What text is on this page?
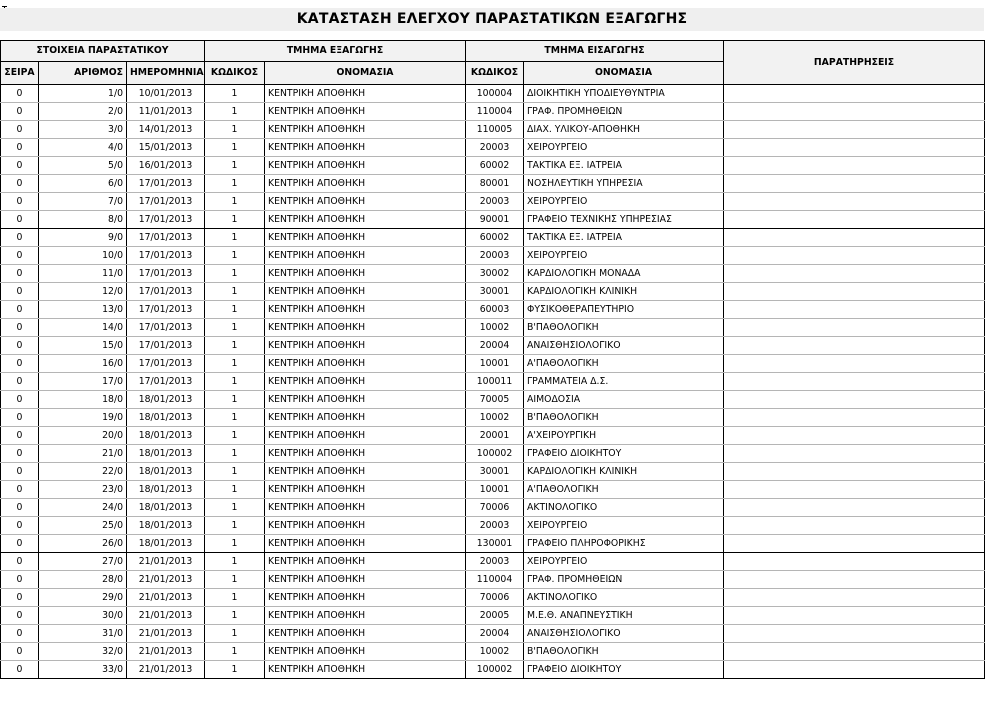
ΚΑΤΑΣΤΑΣΗ ΕΛΕΓΧΟΥ ΠΑΡΑΣΤΑΤΙΚΩΝ ΕΞΑΓΩΓΗΣ
ΣΤΟΙΧΕΙΑ ΠΑΡΑΣΤΑΤΙΚΟΥ			ΤΜΗΜΑ ΕΞΑΓΩΓΗΣ		ΤΜΗΜΑ ΕΙΣΑΓΩΓΗΣ		ΠΑΡΑΤΗΡΗΣΕΙΣ
ΣΕΙΡΑ	ΑΡΙΘΜΟΣ	ΗΜΕΡΟΜΗΝΙΑ	ΚΩΔΙΚΟΣ	ΟΝΟΜΑΣΙΑ	ΚΩΔΙΚΟΣ	ΟΝΟΜΑΣΙΑ	
0	1/0	10/01/2013	1	ΚΕΝΤΡΙΚΗ ΑΠΟΘΗΚΗ	100004	ΔΙΟΙΚΗΤΙΚΗ ΥΠΟΔΙΕΥΘΥΝΤΡΙΑ	
0	2/0	11/01/2013	1	ΚΕΝΤΡΙΚΗ ΑΠΟΘΗΚΗ	110004	ΓΡΑΦ. ΠΡΟΜΗΘΕΙΩΝ	
0	3/0	14/01/2013	1	ΚΕΝΤΡΙΚΗ ΑΠΟΘΗΚΗ	110005	ΔΙΑΧ. ΥΛΙΚΟΥ-ΑΠΟΘΗΚΗ	
0	4/0	15/01/2013	1	ΚΕΝΤΡΙΚΗ ΑΠΟΘΗΚΗ	20003	ΧΕΙΡΟΥΡΓΕΙΟ	
0	5/0	16/01/2013	1	ΚΕΝΤΡΙΚΗ ΑΠΟΘΗΚΗ	60002	ΤΑΚΤΙΚΑ ΕΞ. ΙΑΤΡΕΙΑ	
0	6/0	17/01/2013	1	ΚΕΝΤΡΙΚΗ ΑΠΟΘΗΚΗ	80001	ΝΟΣΗΛΕΥΤΙΚΗ ΥΠΗΡΕΣΙΑ	
0	7/0	17/01/2013	1	ΚΕΝΤΡΙΚΗ ΑΠΟΘΗΚΗ	20003	ΧΕΙΡΟΥΡΓΕΙΟ	
0	8/0	17/01/2013	1	ΚΕΝΤΡΙΚΗ ΑΠΟΘΗΚΗ	90001	ΓΡΑΦΕΙΟ ΤΕΧΝΙΚΗΣ ΥΠΗΡΕΣΙΑΣ	
0	9/0	17/01/2013	1	ΚΕΝΤΡΙΚΗ ΑΠΟΘΗΚΗ	60002	ΤΑΚΤΙΚΑ ΕΞ. ΙΑΤΡΕΙΑ	
0	10/0	17/01/2013	1	ΚΕΝΤΡΙΚΗ ΑΠΟΘΗΚΗ	20003	ΧΕΙΡΟΥΡΓΕΙΟ	
0	11/0	17/01/2013	1	ΚΕΝΤΡΙΚΗ ΑΠΟΘΗΚΗ	30002	ΚΑΡΔΙΟΛΟΓΙΚΗ ΜΟΝΑΔΑ	
0	12/0	17/01/2013	1	ΚΕΝΤΡΙΚΗ ΑΠΟΘΗΚΗ	30001	ΚΑΡΔΙΟΛΟΓΙΚΗ ΚΛΙΝΙΚΗ	
0	13/0	17/01/2013	1	ΚΕΝΤΡΙΚΗ ΑΠΟΘΗΚΗ	60003	ΦΥΣΙΚΟΘΕΡΑΠΕΥΤΗΡΙΟ	
0	14/0	17/01/2013	1	ΚΕΝΤΡΙΚΗ ΑΠΟΘΗΚΗ	10002	Β'ΠΑΘΟΛΟΓΙΚΗ	
0	15/0	17/01/2013	1	ΚΕΝΤΡΙΚΗ ΑΠΟΘΗΚΗ	20004	ΑΝΑΙΣΘΗΣΙΟΛΟΓΙΚΟ	
0	16/0	17/01/2013	1	ΚΕΝΤΡΙΚΗ ΑΠΟΘΗΚΗ	10001	Α'ΠΑΘΟΛΟΓΙΚΗ	
0	17/0	17/01/2013	1	ΚΕΝΤΡΙΚΗ ΑΠΟΘΗΚΗ	100011	ΓΡΑΜΜΑΤΕΙΑ Δ.Σ.	
0	18/0	18/01/2013	1	ΚΕΝΤΡΙΚΗ ΑΠΟΘΗΚΗ	70005	ΑΙΜΟΔΟΣΙΑ	
0	19/0	18/01/2013	1	ΚΕΝΤΡΙΚΗ ΑΠΟΘΗΚΗ	10002	Β'ΠΑΘΟΛΟΓΙΚΗ	
0	20/0	18/01/2013	1	ΚΕΝΤΡΙΚΗ ΑΠΟΘΗΚΗ	20001	Α'ΧΕΙΡΟΥΡΓΙΚΗ	
0	21/0	18/01/2013	1	ΚΕΝΤΡΙΚΗ ΑΠΟΘΗΚΗ	100002	ΓΡΑΦΕΙΟ ΔΙΟΙΚΗΤΟΥ	
0	22/0	18/01/2013	1	ΚΕΝΤΡΙΚΗ ΑΠΟΘΗΚΗ	30001	ΚΑΡΔΙΟΛΟΓΙΚΗ ΚΛΙΝΙΚΗ	
0	23/0	18/01/2013	1	ΚΕΝΤΡΙΚΗ ΑΠΟΘΗΚΗ	10001	Α'ΠΑΘΟΛΟΓΙΚΗ	
0	24/0	18/01/2013	1	ΚΕΝΤΡΙΚΗ ΑΠΟΘΗΚΗ	70006	ΑΚΤΙΝΟΛΟΓΙΚΟ	
0	25/0	18/01/2013	1	ΚΕΝΤΡΙΚΗ ΑΠΟΘΗΚΗ	20003	ΧΕΙΡΟΥΡΓΕΙΟ	
0	26/0	18/01/2013	1	ΚΕΝΤΡΙΚΗ ΑΠΟΘΗΚΗ	130001	ΓΡΑΦΕΙΟ ΠΛΗΡΟΦΟΡΙΚΗΣ	
0	27/0	21/01/2013	1	ΚΕΝΤΡΙΚΗ ΑΠΟΘΗΚΗ	20003	ΧΕΙΡΟΥΡΓΕΙΟ	
0	28/0	21/01/2013	1	ΚΕΝΤΡΙΚΗ ΑΠΟΘΗΚΗ	110004	ΓΡΑΦ. ΠΡΟΜΗΘΕΙΩΝ	
0	29/0	21/01/2013	1	ΚΕΝΤΡΙΚΗ ΑΠΟΘΗΚΗ	70006	ΑΚΤΙΝΟΛΟΓΙΚΟ	
0	30/0	21/01/2013	1	ΚΕΝΤΡΙΚΗ ΑΠΟΘΗΚΗ	20005	Μ.Ε.Θ. ΑΝΑΠΝΕΥΣΤΙΚΗ	
0	31/0	21/01/2013	1	ΚΕΝΤΡΙΚΗ ΑΠΟΘΗΚΗ	20004	ΑΝΑΙΣΘΗΣΙΟΛΟΓΙΚΟ	
0	32/0	21/01/2013	1	ΚΕΝΤΡΙΚΗ ΑΠΟΘΗΚΗ	10002	Β'ΠΑΘΟΛΟΓΙΚΗ	
0	33/0	21/01/2013	1	ΚΕΝΤΡΙΚΗ ΑΠΟΘΗΚΗ	100002	ΓΡΑΦΕΙΟ ΔΙΟΙΚΗΤΟΥ	
